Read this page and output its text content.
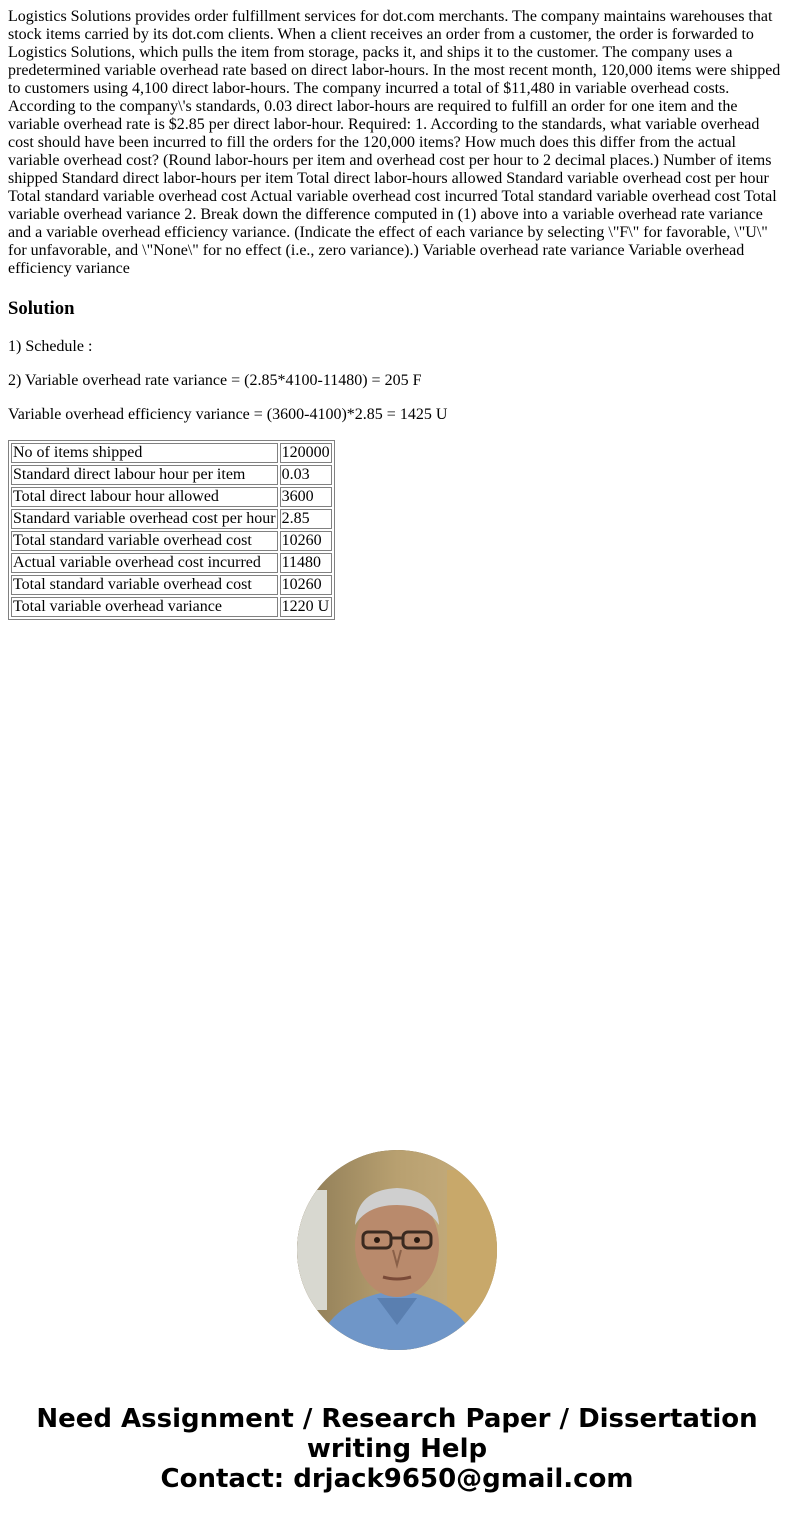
Logistics Solutions provides order fulfillment services for dot.com merchants. The company maintains warehouses that stock items carried by its dot.com clients. When a client receives an order from a customer, the order is forwarded to Logistics Solutions, which pulls the item from storage, packs it, and ships it to the customer. The company uses a predetermined variable overhead rate based on direct labor-hours. In the most recent month, 120,000 items were shipped to customers using 4,100 direct labor-hours. The company incurred a total of $11,480 in variable overhead costs. According to the company\'s standards, 0.03 direct labor-hours are required to fulfill an order for one item and the variable overhead rate is $2.85 per direct labor-hour. Required: 1. According to the standards, what variable overhead cost should have been incurred to fill the orders for the 120,000 items? How much does this differ from the actual variable overhead cost? (Round labor-hours per item and overhead cost per hour to 2 decimal places.) Number of items shipped Standard direct labor-hours per item Total direct labor-hours allowed Standard variable overhead cost per hour Total standard variable overhead cost Actual variable overhead cost incurred Total standard variable overhead cost Total variable overhead variance 2. Break down the difference computed in (1) above into a variable overhead rate variance and a variable overhead efficiency variance. (Indicate the effect of each variance by selecting \"F\" for favorable, \"U\" for unfavorable, and \"None\" for no effect (i.e., zero variance).) Variable overhead rate variance Variable overhead efficiency variance
Solution

1) Schedule :

2) Variable overhead rate variance = (2.85*4100-11480) = 205 F

Variable overhead efficiency variance = (3600-4100)*2.85 = 1425 U

No of items shipped	120000
Standard direct labour hour per item	0.03
Total direct labour hour allowed	3600
Standard variable overhead cost per hour	2.85
Total standard variable overhead cost	10260
Actual variable overhead cost incurred	11480
Total standard variable overhead cost	10260
Total variable overhead variance	1220 U
Need Assignment / Research Paper / Dissertation
writing Help
Contact: drjack9650@gmail.com
